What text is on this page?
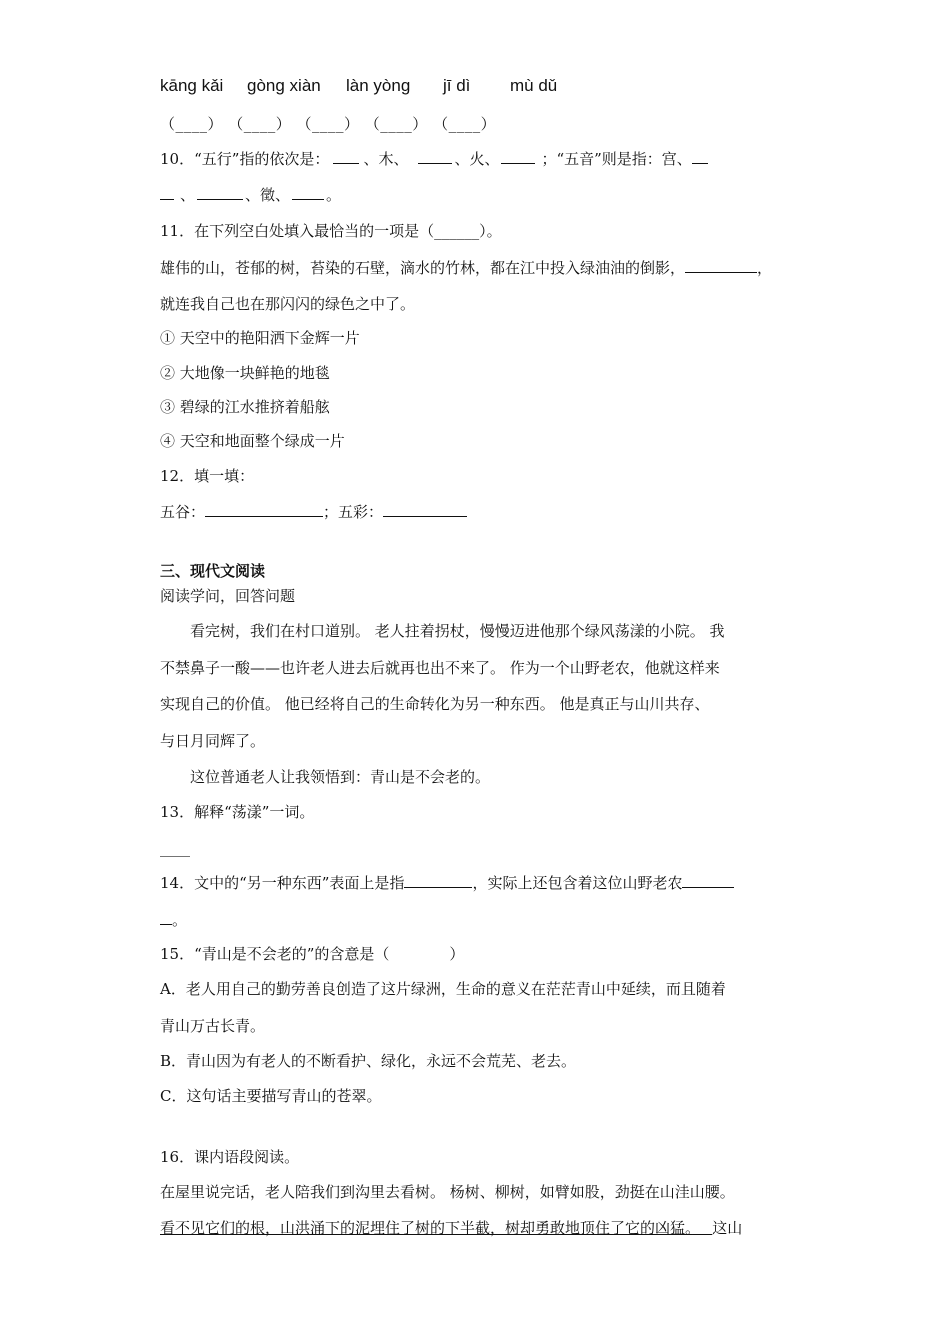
kāng kǎi gòng xiàn làn yòng jī dì mù dǔ
（____） （____） （____） （____） （____）
10．“五行”指的依次是： 、木、	、火、	；“五音”则是指：宫、
、	、徵、 。
11．在下列空白处填入最恰当的一项是（______）。
雄伟的山，苍郁的树，苔染的石壁，滴水的竹林，都在江中投入绿油油的倒影，	，
就连我自己也在那闪闪的绿色之中了。
① 天空中的艳阳洒下金辉一片
② 大地像一块鲜艳的地毯
③ 碧绿的江水推挤着船舷
④ 天空和地面整个绿成一片
12．填一填：
五谷：	；五彩：
三、现代文阅读
阅读学问，回答问题
看完树，我们在村口道别。 老人拄着拐杖，慢慢迈进他那个绿风荡漾的小院。 我
不禁鼻子一酸——也许老人进去后就再也出不来了。 作为一个山野老农，他就这样来
实现自己的价值。 他已经将自己的生命转化为另一种东西。 他是真正与山川共存、
与日月同辉了。
这位普通老人让我领悟到：青山是不会老的。
13．解释“荡漾”一词。
____
14．文中的“另一种东西”表面上是指	，实际上还包含着这位山野老农
。
15．“青山是不会老的”的含意是（　　　　）
A．老人用自己的勤劳善良创造了这片绿洲，生命的意义在茫茫青山中延续，而且随着
青山万古长青。
B．青山因为有老人的不断看护、绿化，永远不会荒芜、老去。
C．这句话主要描写青山的苍翠。
16．课内语段阅读。
在屋里说完话，老人陪我们到沟里去看树。 杨树、柳树，如臂如股，劲挺在山洼山腰。
看不见它们的根，山洪涌下的泥埋住了树的下半截，树却勇敢地顶住了它的凶猛。　 这山
